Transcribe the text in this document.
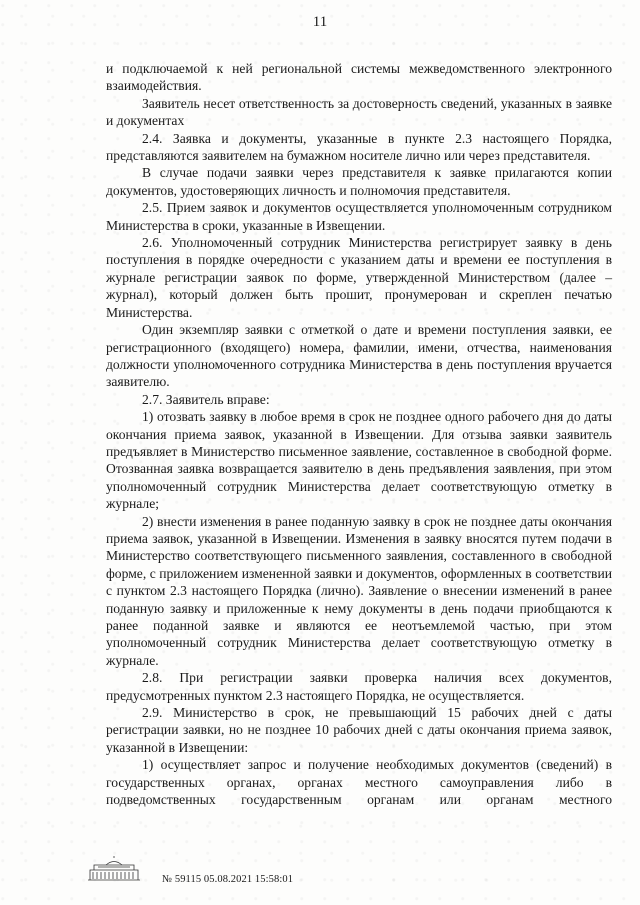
11

и подключаемой к ней региональной системы межведомственного электронного взаимодействия.

Заявитель несет ответственность за достоверность сведений, указанных в заявке и документах

2.4. Заявка и документы, указанные в пункте 2.3 настоящего Порядка, представляются заявителем на бумажном носителе лично или через представителя.

В случае подачи заявки через представителя к заявке прилагаются копии документов, удостоверяющих личность и полномочия представителя.

2.5. Прием заявок и документов осуществляется уполномоченным сотрудником Министерства в сроки, указанные в Извещении.

2.6. Уполномоченный сотрудник Министерства регистрирует заявку в день поступления в порядке очередности с указанием даты и времени ее поступления в журнале регистрации заявок по форме, утвержденной Министерством (далее – журнал), который должен быть прошит, пронумерован и скреплен печатью Министерства.

Один экземпляр заявки с отметкой о дате и времени поступления заявки, ее регистрационного (входящего) номера, фамилии, имени, отчества, наименования должности уполномоченного сотрудника Министерства в день поступления вручается заявителю.

2.7. Заявитель вправе:

1) отозвать заявку в любое время в срок не позднее одного рабочего дня до даты окончания приема заявок, указанной в Извещении. Для отзыва заявки заявитель предъявляет в Министерство письменное заявление, составленное в свободной форме. Отозванная заявка возвращается заявителю в день предъявления заявления, при этом уполномоченный сотрудник Министерства делает соответствующую отметку в журнале;

2) внести изменения в ранее поданную заявку в срок не позднее даты окончания приема заявок, указанной в Извещении. Изменения в заявку вносятся путем подачи в Министерство соответствующего письменного заявления, составленного в свободной форме, с приложением измененной заявки и документов, оформленных в соответствии с пунктом 2.3 настоящего Порядка (лично). Заявление о внесении изменений в ранее поданную заявку и приложенные к нему документы в день подачи приобщаются к ранее поданной заявке и являются ее неотъемлемой частью, при этом уполномоченный сотрудник Министерства делает соответствующую отметку в журнале.

2.8. При регистрации заявки проверка наличия всех документов, предусмотренных пунктом 2.3 настоящего Порядка, не осуществляется.

2.9. Министерство в срок, не превышающий 15 рабочих дней с даты регистрации заявки, но не позднее 10 рабочих дней с даты окончания приема заявок, указанной в Извещении:

1) осуществляет запрос и получение необходимых документов (сведений) в государственных органах, органах местного самоуправления либо в подведомственных государственным органам или органам местного

№ 59115 05.08.2021 15:58:01
